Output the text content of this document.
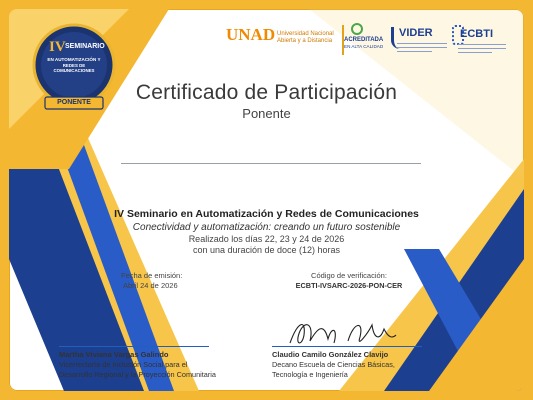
IV SEMINARIO
EN AUTOMATIZACIÓN Y
REDES DE COMUNICACIONES
PONENTE
UNAD Universidad Nacional
Abierta y a Distancia	ACREDITADA
EN ALTA CALIDAD
VIDER ECBTI
Certificado de Participación
Ponente
IV Seminario en Automatización y Redes de Comunicaciones
Conectividad y automatización: creando un futuro sostenible
Realizado los días 22, 23 y 24 de 2026
con una duración de doce (12) horas
Fecha de emisión:
Abril 24 de 2026
Código de verificación:
ECBTI-IVSARC-2026-PON-CER
Martha Viviana Vargas Galindo
Vicerrectoría de Inclusión Social para el
Desarrollo Regional y la Proyección Comunitaria
Claudio Camilo González Clavijo
Decano Escuela de Ciencias Básicas,
Tecnología e Ingeniería
